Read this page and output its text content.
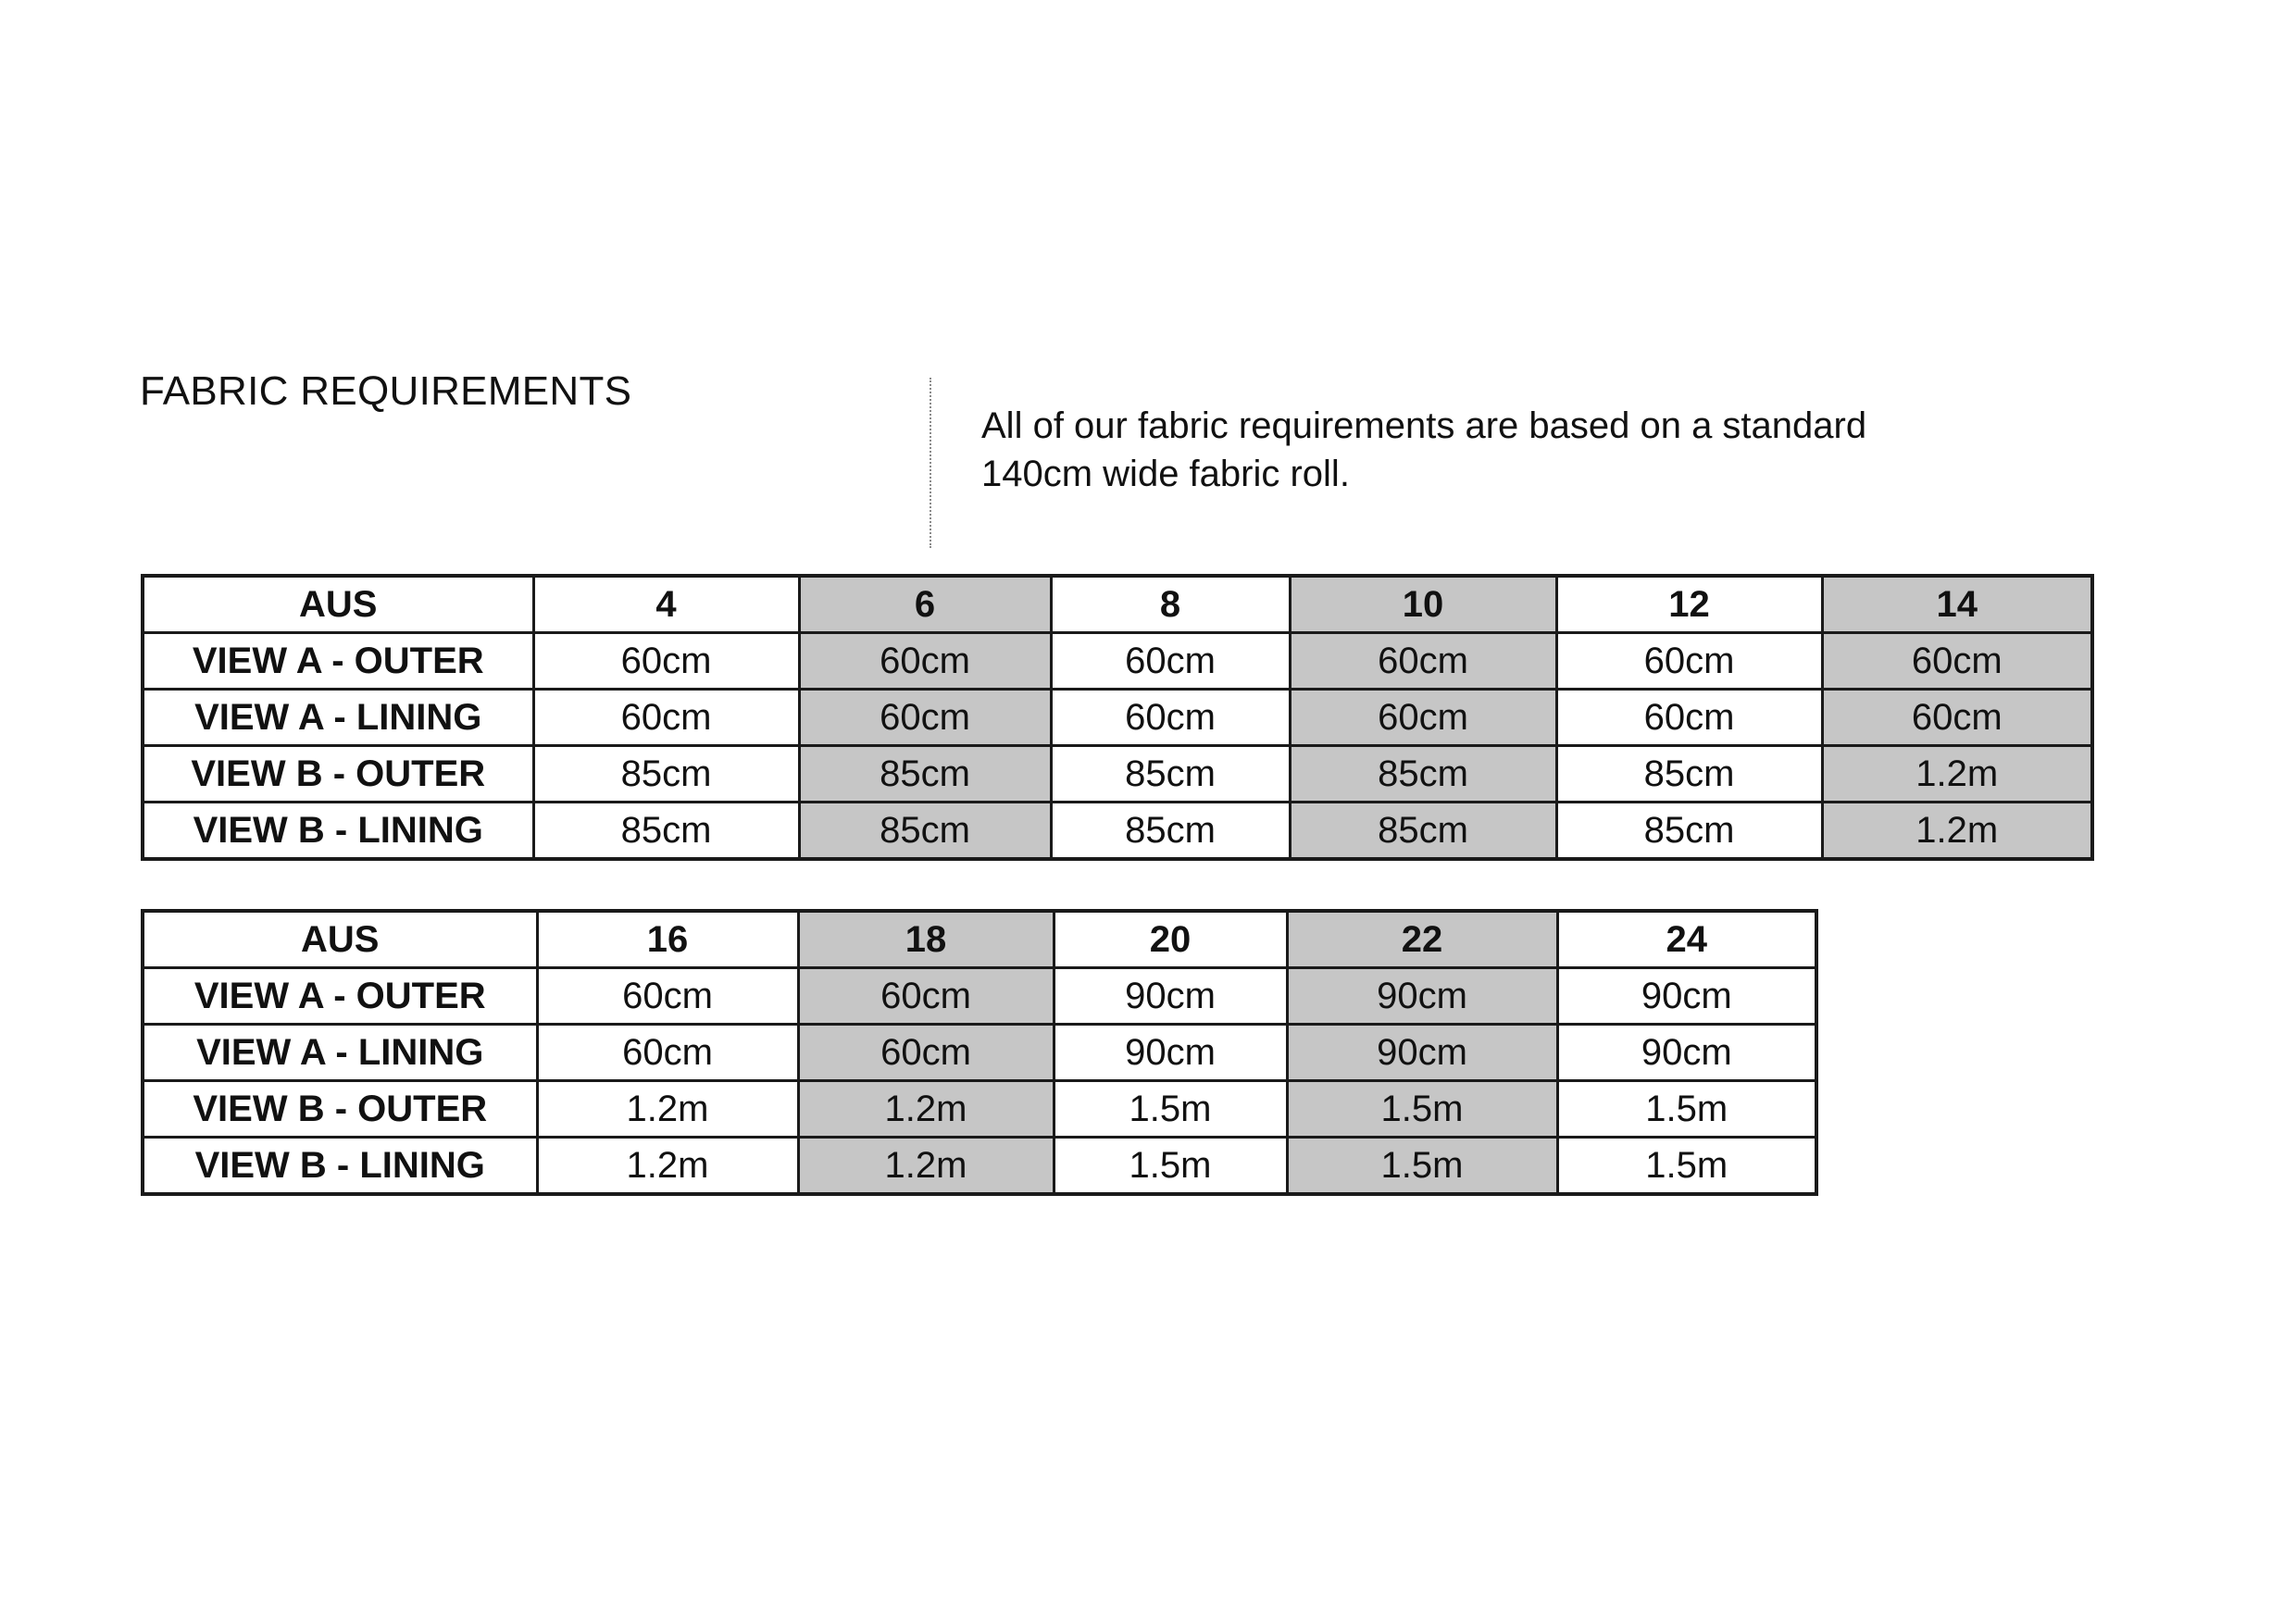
FABRIC REQUIREMENTS

All of our fabric requirements are based on a standard
140cm wide fabric roll.

AUS	4	6	8	10	12	14
VIEW A - OUTER	60cm	60cm	60cm	60cm	60cm	60cm
VIEW A - LINING	60cm	60cm	60cm	60cm	60cm	60cm
VIEW B - OUTER	85cm	85cm	85cm	85cm	85cm	1.2m
VIEW B - LINING	85cm	85cm	85cm	85cm	85cm	1.2m
AUS	16	18	20	22	24
VIEW A - OUTER	60cm	60cm	90cm	90cm	90cm
VIEW A - LINING	60cm	60cm	90cm	90cm	90cm
VIEW B - OUTER	1.2m	1.2m	1.5m	1.5m	1.5m
VIEW B - LINING	1.2m	1.2m	1.5m	1.5m	1.5m
